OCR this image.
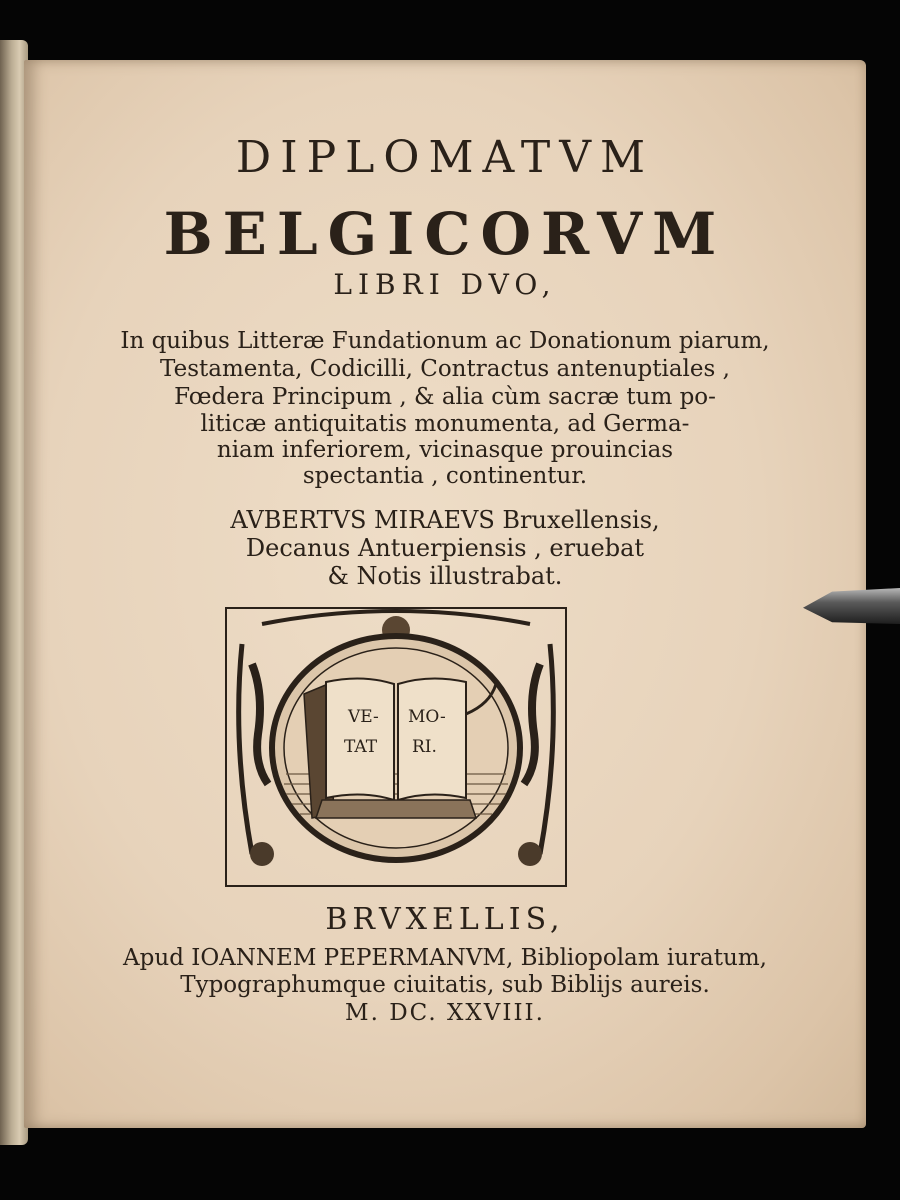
DIPLOMATVM
BELGICORVM
LIBRI DVO,
In quibus Litteræ Fundationum ac Donationum piarum,
Testamenta, Codicilli, Contractus antenuptiales ,
Fœdera Principum , & alia cùm sacræ tum po-
liticæ antiquitatis monumenta, ad Germa-
niam inferiorem, vicinasque prouincias
spectantia , continentur.
AVBERTVS MIRAEVS Bruxellensis,
Decanus Antuerpiensis , eruebat
& Notis illustrabat.
VE-
TAT
MO-
RI.
BRVXELLIS,
Apud IOANNEM PEPERMANVM, Bibliopolam iuratum,
Typographumque ciuitatis, sub Biblijs aureis.
M. DC. XXVIII.
